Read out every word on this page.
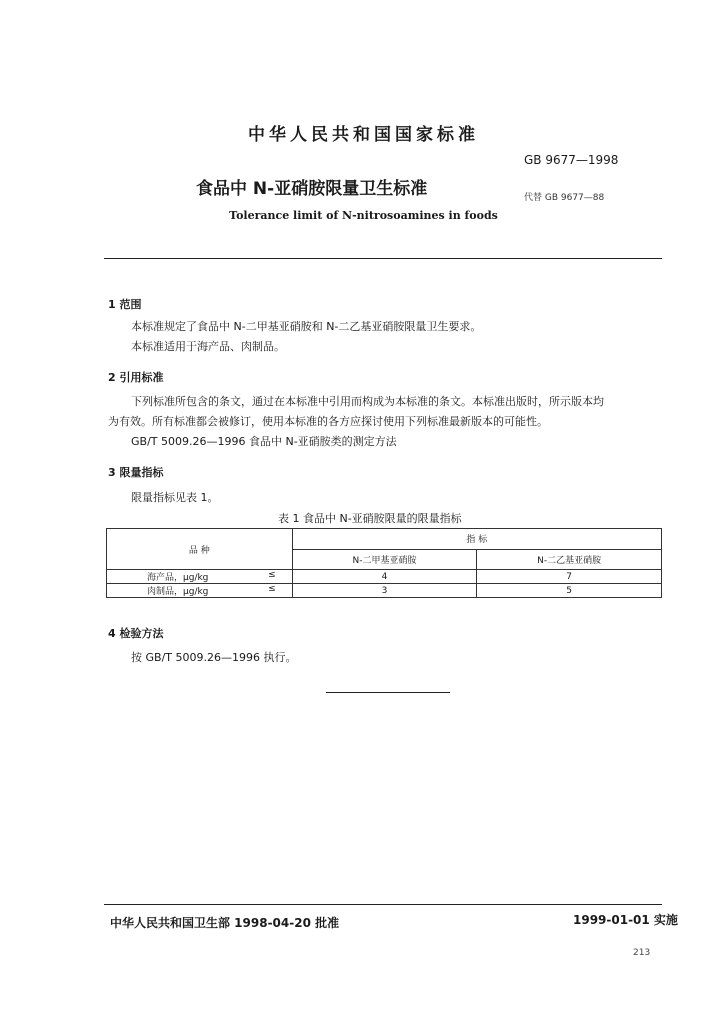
中华人民共和国国家标准
GB 9677—1998
食品中 N-亚硝胺限量卫生标准	代替 GB 9677—88
Tolerance limit of N-nitrosoamines in foods
1 范围
本标准规定了食品中 N-二甲基亚硝胺和 N-二乙基亚硝胺限量卫生要求。
本标准适用于海产品、肉制品。
2 引用标准
下列标准所包含的条文，通过在本标准中引用而构成为本标准的条文。本标准出版时，所示版本均
为有效。所有标准都会被修订，使用本标准的各方应探讨使用下列标准最新版本的可能性。
GB/T 5009.26—1996 食品中 N-亚硝胺类的测定方法
3 限量指标
限量指标见表 1。
表 1 食品中 N-亚硝胺限量的限量指标
品 种	指 标	
	N-二甲基亚硝胺	N-二乙基亚硝胺
海产品，μg/kg ≤	4	7
肉制品，μg/kg ≤	3	5
4 检验方法
按 GB/T 5009.26—1996 执行。
中华人民共和国卫生部 1998-04-20 批准	1999-01-01 实施
213
